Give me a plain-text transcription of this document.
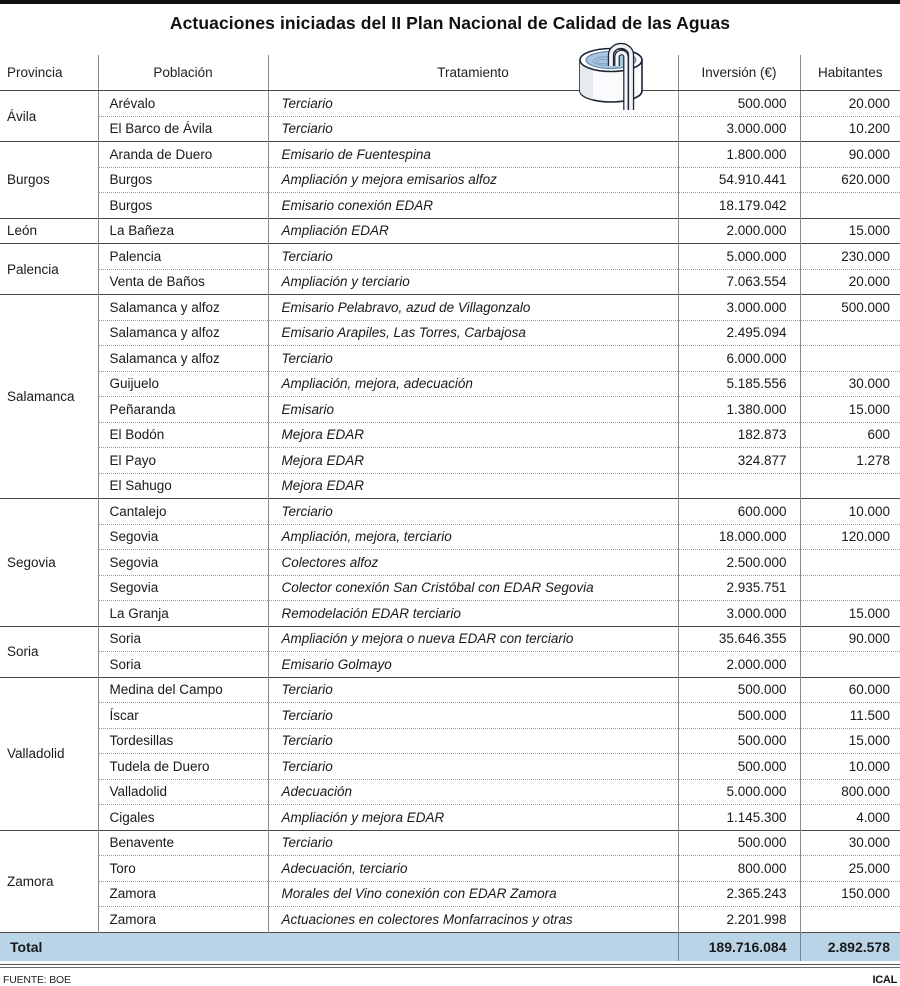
Actuaciones iniciadas del II Plan Nacional de Calidad de las Aguas
Provincia	Población	Tratamiento	Inversión (€)	Habitantes
Ávila	Arévalo	Terciario	500.000	20.000
	El Barco de Ávila	Terciario	3.000.000	10.200
Burgos	Aranda de Duero	Emisario de Fuentespina	1.800.000	90.000
	Burgos	Ampliación y mejora emisarios alfoz	54.910.441	620.000
	Burgos	Emisario conexión EDAR	18.179.042	
León	La Bañeza	Ampliación EDAR	2.000.000	15.000
Palencia	Palencia	Terciario	5.000.000	230.000
	Venta de Baños	Ampliación y terciario	7.063.554	20.000
Salamanca	Salamanca y alfoz	Emisario Pelabravo, azud de Villagonzalo	3.000.000	500.000
	Salamanca y alfoz	Emisario Arapiles, Las Torres, Carbajosa	2.495.094	
	Salamanca y alfoz	Terciario	6.000.000	
	Guijuelo	Ampliación, mejora, adecuación	5.185.556	30.000
	Peñaranda	Emisario	1.380.000	15.000
	El Bodón	Mejora EDAR	182.873	600
	El Payo	Mejora EDAR	324.877	1.278
	El Sahugo	Mejora EDAR		
Segovia	Cantalejo	Terciario	600.000	10.000
	Segovia	Ampliación, mejora, terciario	18.000.000	120.000
	Segovia	Colectores alfoz	2.500.000	
	Segovia	Colector conexión San Cristóbal con EDAR Segovia	2.935.751	
	La Granja	Remodelación EDAR terciario	3.000.000	15.000
Soria	Soria	Ampliación y mejora o nueva EDAR con terciario	35.646.355	90.000
	Soria	Emisario Golmayo	2.000.000	
Valladolid	Medina del Campo	Terciario	500.000	60.000
	Íscar	Terciario	500.000	11.500
	Tordesillas	Terciario	500.000	15.000
	Tudela de Duero	Terciario	500.000	10.000
	Valladolid	Adecuación	5.000.000	800.000
	Cigales	Ampliación y mejora EDAR	1.145.300	4.000
Zamora	Benavente	Terciario	500.000	30.000
	Toro	Adecuación, terciario	800.000	25.000
	Zamora	Morales del Vino conexión con EDAR Zamora	2.365.243	150.000
	Zamora	Actuaciones en colectores Monfarracinos y otras	2.201.998	
Total			189.716.084	2.892.578
FUENTE: BOE	ICAL
